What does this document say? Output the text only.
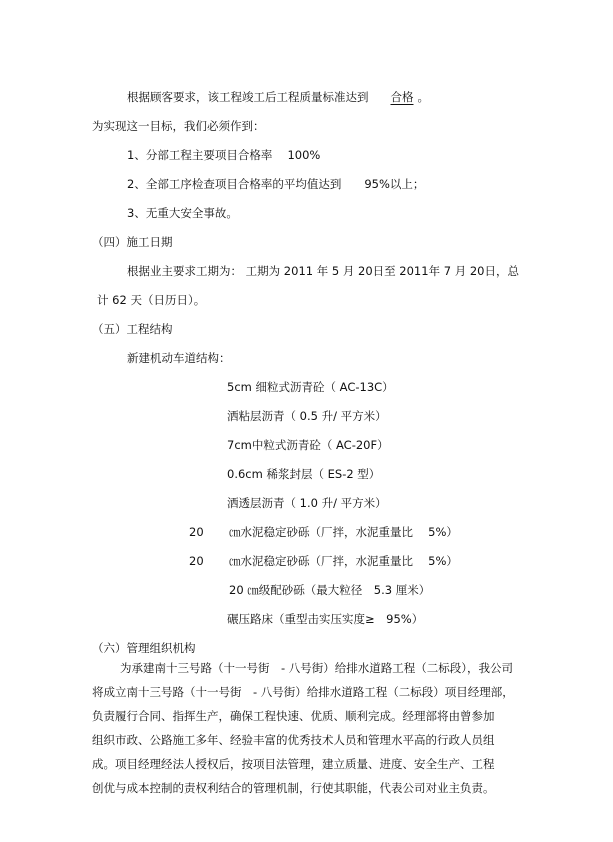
根据顾客要求，该工程竣工后工程质量标准达到 合格 。
为实现这一目标，我们必须作到：
1、分部工程主要项目合格率　 100%
2、全部工序检查项目合格率的平均值达到　　95%以上；
3、无重大安全事故。
（四）施工日期
根据业主要求工期为： 工期为 2011 年 5 月 20日至 2011年 7 月 20日，总
计 62 天（日历日）。
（五）工程结构
新建机动车道结构：
5cm 细粒式沥青砼（ AC-13C）
洒粘层沥青（ 0.5 升/ 平方米）
7cm中粒式沥青砼（ AC-20F）
0.6cm 稀浆封层（ ES-2 型）
洒透层沥青（ 1.0 升/ 平方米）
20 ㎝水泥稳定砂砾（厂拌，水泥重量比　 5%）
20 ㎝水泥稳定砂砾（厂拌，水泥重量比　 5%）
20 ㎝级配砂砾（最大粒径　5.3 厘米）
碾压路床（重型击实压实度≥　95%）
（六）管理组织机构
为承建南十三号路（十一号街　- 八号街）给排水道路工程（二标段），我公司
将成立南十三号路（十一号街　- 八号街）给排水道路工程（二标段）项目经理部，
负责履行合同、指挥生产，确保工程快速、优质、顺利完成。经理部将由曾参加
组织市政、公路施工多年、经验丰富的优秀技术人员和管理水平高的行政人员组
成。项目经理经法人授权后，按项目法管理，建立质量、进度、安全生产、工程
创优与成本控制的责权利结合的管理机制，行使其职能，代表公司对业主负责。
